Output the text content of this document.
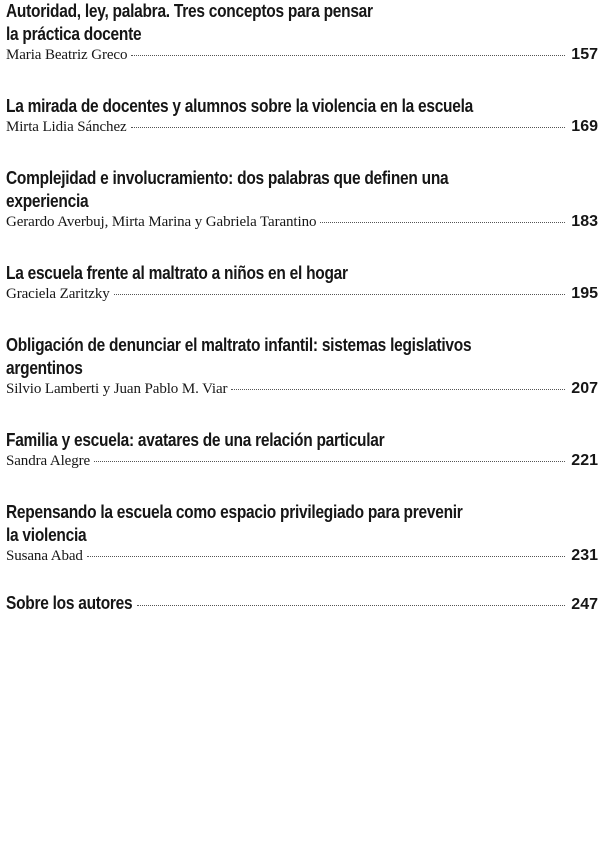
Autoridad, ley, palabra. Tres conceptos para pensar
la práctica docente
Maria Beatriz Greco	157
La mirada de docentes y alumnos sobre la violencia en la escuela
Mirta Lidia Sánchez	169
Complejidad e involucramiento: dos palabras que definen una
experiencia
Gerardo Averbuj, Mirta Marina y Gabriela Tarantino	183
La escuela frente al maltrato a niños en el hogar
Graciela Zaritzky	195
Obligación de denunciar el maltrato infantil: sistemas legislativos
argentinos
Silvio Lamberti y Juan Pablo M. Viar	207
Familia y escuela: avatares de una relación particular
Sandra Alegre	221
Repensando la escuela como espacio privilegiado para prevenir
la violencia
Susana Abad	231
Sobre los autores	247
